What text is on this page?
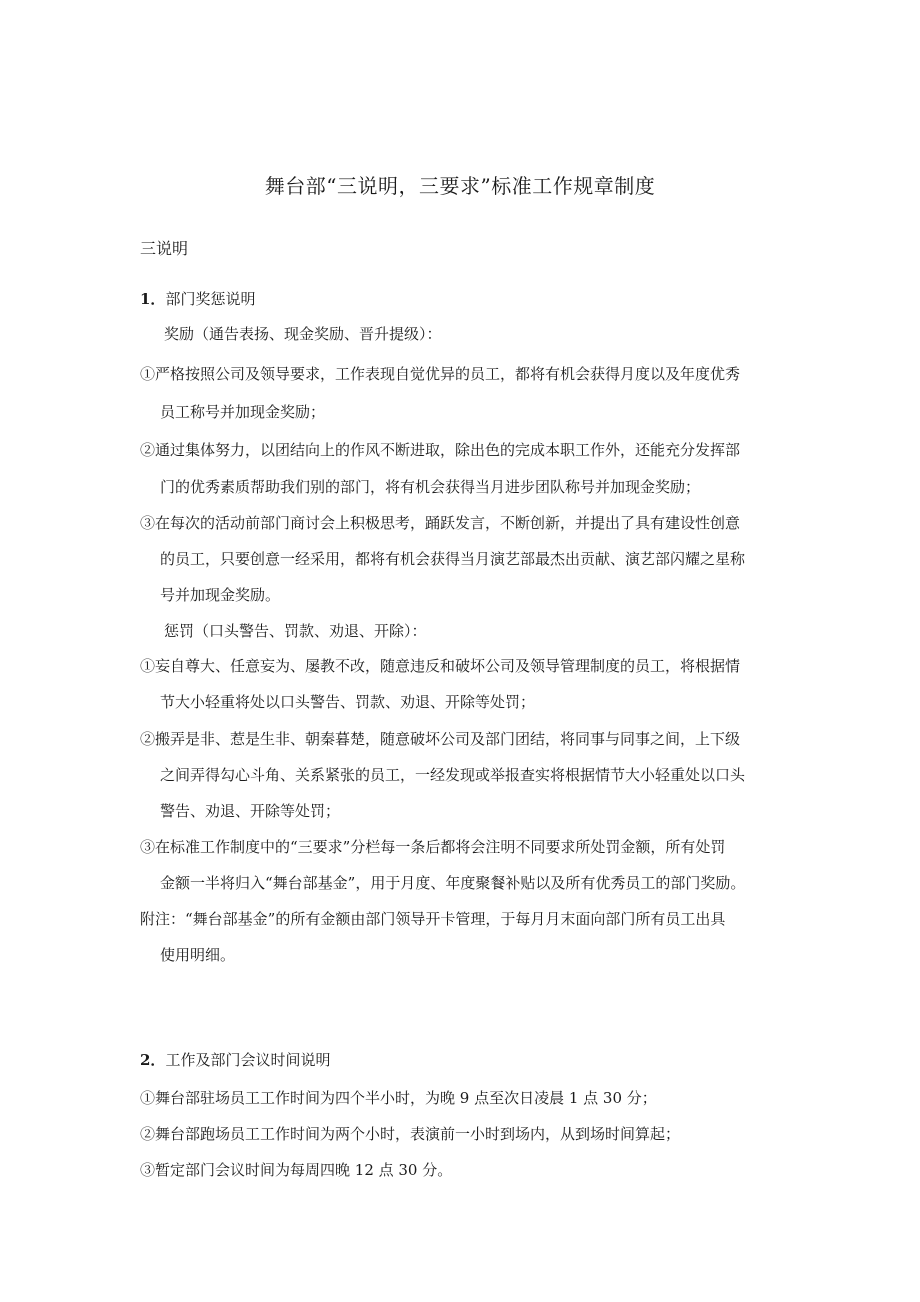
舞台部“三说明，三要求”标准工作规章制度
三说明
1．部门奖惩说明
奖励（通告表扬、现金奖励、晋升提级）：
①严格按照公司及领导要求，工作表现自觉优异的员工，都将有机会获得月度以及年度优秀
员工称号并加现金奖励；
②通过集体努力，以团结向上的作风不断进取，除出色的完成本职工作外，还能充分发挥部
门的优秀素质帮助我们别的部门，将有机会获得当月进步团队称号并加现金奖励；
③在每次的活动前部门商讨会上积极思考，踊跃发言，不断创新，并提出了具有建设性创意
的员工，只要创意一经采用，都将有机会获得当月演艺部最杰出贡献、演艺部闪耀之星称
号并加现金奖励。
惩罚（口头警告、罚款、劝退、开除）：
①妄自尊大、任意妄为、屡教不改，随意违反和破坏公司及领导管理制度的员工，将根据情
节大小轻重将处以口头警告、罚款、劝退、开除等处罚；
②搬弄是非、惹是生非、朝秦暮楚，随意破坏公司及部门团结，将同事与同事之间，上下级
之间弄得勾心斗角、关系紧张的员工，一经发现或举报查实将根据情节大小轻重处以口头
警告、劝退、开除等处罚；
③在标准工作制度中的“三要求”分栏每一条后都将会注明不同要求所处罚金额，所有处罚
金额一半将归入“舞台部基金”，用于月度、年度聚餐补贴以及所有优秀员工的部门奖励。
附注：“舞台部基金”的所有金额由部门领导开卡管理，于每月月末面向部门所有员工出具
使用明细。
2．工作及部门会议时间说明
①舞台部驻场员工工作时间为四个半小时，为晚 9 点至次日凌晨 1 点 30 分；
②舞台部跑场员工工作时间为两个小时，表演前一小时到场内，从到场时间算起；
③暂定部门会议时间为每周四晚 12 点 30 分。
